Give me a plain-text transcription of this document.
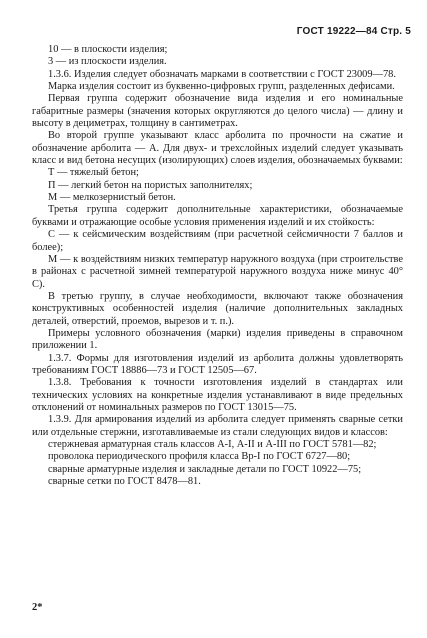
ГОСТ 19222—84 Стр. 5

10 — в плоскости изделия;

3 — из плоскости изделия.

1.3.6. Изделия следует обозначать марками в соответствии с ГОСТ 23009—78.

Марка изделия состоит из буквенно-цифровых групп, разделенных дефисами.

Первая группа содержит обозначение вида изделия и его номинальные габаритные размеры (значения которых округляются до целого числа) — длину и высоту в дециметрах, толщину в сантиметрах.

Во второй группе указывают класс арболита по прочности на сжатие и обозначение арболита — А. Для двух- и трехслойных изделий следует указывать класс и вид бетона несущих (изолирующих) слоев изделия, обозначаемых буквами:

Т — тяжелый бетон;

П — легкий бетон на пористых заполнителях;

М — мелкозернистый бетон.

Третья группа содержит дополнительные характеристики, обозначаемые буквами и отражающие особые условия применения изделий и их стойкость:

С — к сейсмическим воздействиям (при расчетной сейсмичности 7 баллов и более);

М — к воздействиям низких температур наружного воздуха (при строительстве в районах с расчетной зимней температурой наружного воздуха ниже минус 40° С).

В третью группу, в случае необходимости, включают также обозначения конструктивных особенностей изделия (наличие дополнительных закладных деталей, отверстий, проемов, вырезов и т. п.).

Примеры условного обозначения (марки) изделия приведены в справочном приложении 1.

1.3.7. Формы для изготовления изделий из арболита должны удовлетворять требованиям ГОСТ 18886—73 и ГОСТ 12505—67.

1.3.8. Требования к точности изготовления изделий в стандартах или технических условиях на конкретные изделия устанавливают в виде предельных отклонений от номинальных размеров по ГОСТ 13015—75.

1.3.9. Для армирования изделий из арболита следует применять сварные сетки или отдельные стержни, изготавливаемые из стали следующих видов и классов:

стержневая арматурная сталь классов А-I, А-II и А-III по ГОСТ 5781—82;

проволока периодического профиля класса Вр-I по ГОСТ 6727—80;

сварные арматурные изделия и закладные детали по ГОСТ 10922—75;

сварные сетки по ГОСТ 8478—81.

2*
